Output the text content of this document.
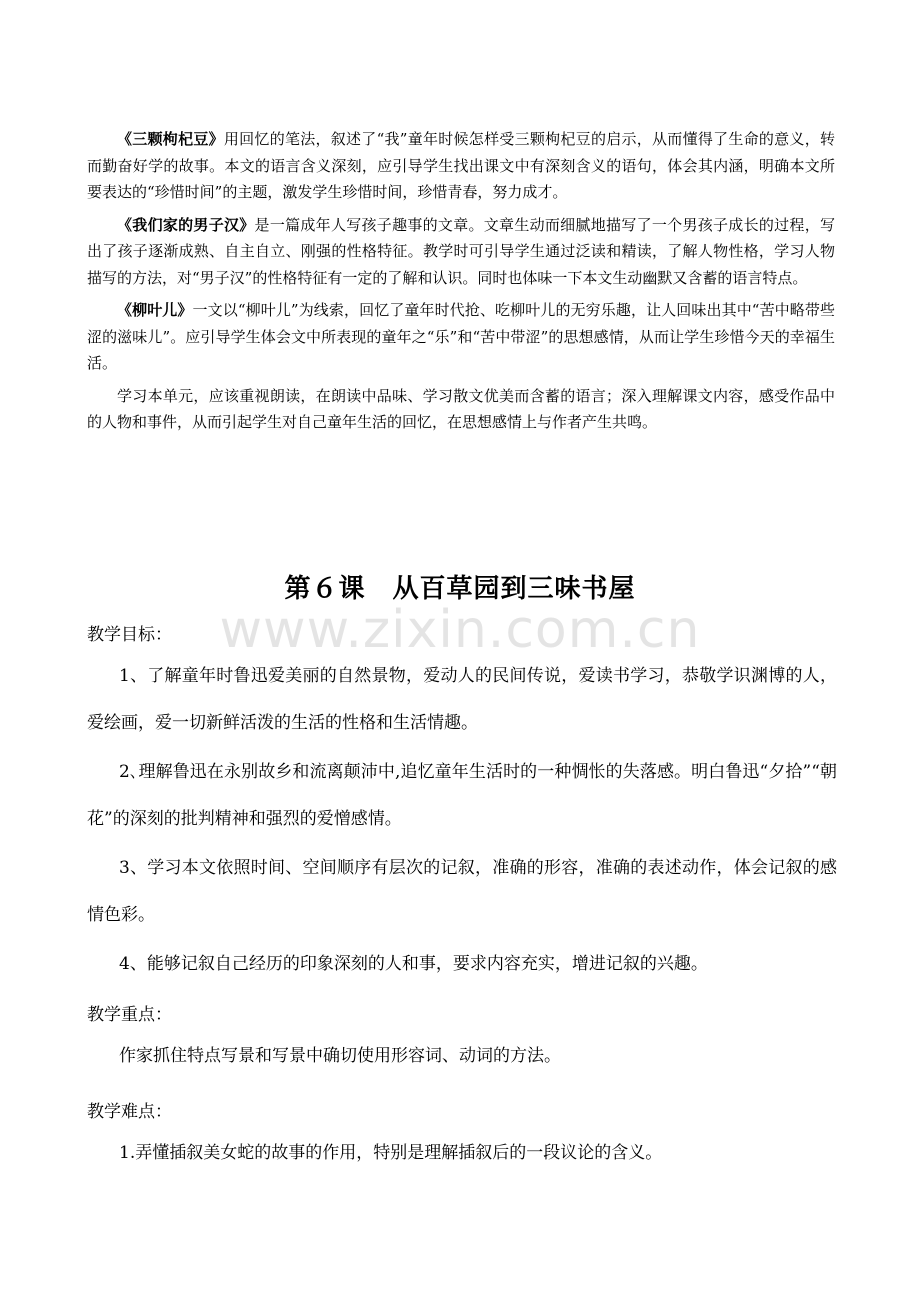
《三颗枸杞豆》用回忆的笔法，叙述了“我”童年时候怎样受三颗枸杞豆的启示，从而懂得了生命的意义，转而勤奋好学的故事。本文的语言含义深刻，应引导学生找出课文中有深刻含义的语句，体会其内涵，明确本文所要表达的“珍惜时间”的主题，激发学生珍惜时间，珍惜青春，努力成才。

《我们家的男子汉》是一篇成年人写孩子趣事的文章。文章生动而细腻地描写了一个男孩子成长的过程，写出了孩子逐渐成熟、自主自立、刚强的性格特征。教学时可引导学生通过泛读和精读，了解人物性格，学习人物描写的方法，对“男子汉”的性格特征有一定的了解和认识。同时也体味一下本文生动幽默又含蓄的语言特点。

《柳叶儿》一文以“柳叶儿”为线索，回忆了童年时代抢、吃柳叶儿的无穷乐趣，让人回味出其中“苦中略带些涩的滋味儿”。应引导学生体会文中所表现的童年之“乐”和“苦中带涩”的思想感情，从而让学生珍惜今天的幸福生活。

学习本单元，应该重视朗读，在朗读中品味、学习散文优美而含蓄的语言；深入理解课文内容，感受作品中的人物和事件，从而引起学生对自己童年生活的回忆，在思想感情上与作者产生共鸣。

www.zixin.com.cn
第６课　从百草园到三味书屋
教学目标：
1、了解童年时鲁迅爱美丽的自然景物，爱动人的民间传说，爱读书学习，恭敬学识渊博的人，爱绘画，爱一切新鲜活泼的生活的性格和生活情趣。
2､理解鲁迅在永别故乡和流离颠沛中,追忆童年生活时的一种惆怅的失落感。明白鲁迅“夕拾”“朝花”的深刻的批判精神和强烈的爱憎感情。
3、学习本文依照时间、空间顺序有层次的记叙，准确的形容，准确的表述动作，体会记叙的感情色彩。
4、能够记叙自己经历的印象深刻的人和事，要求内容充实，增进记叙的兴趣。
教学重点：
作家抓住特点写景和写景中确切使用形容词、动词的方法。
教学难点：
1.弄懂插叙美女蛇的故事的作用，特别是理解插叙后的一段议论的含义。
